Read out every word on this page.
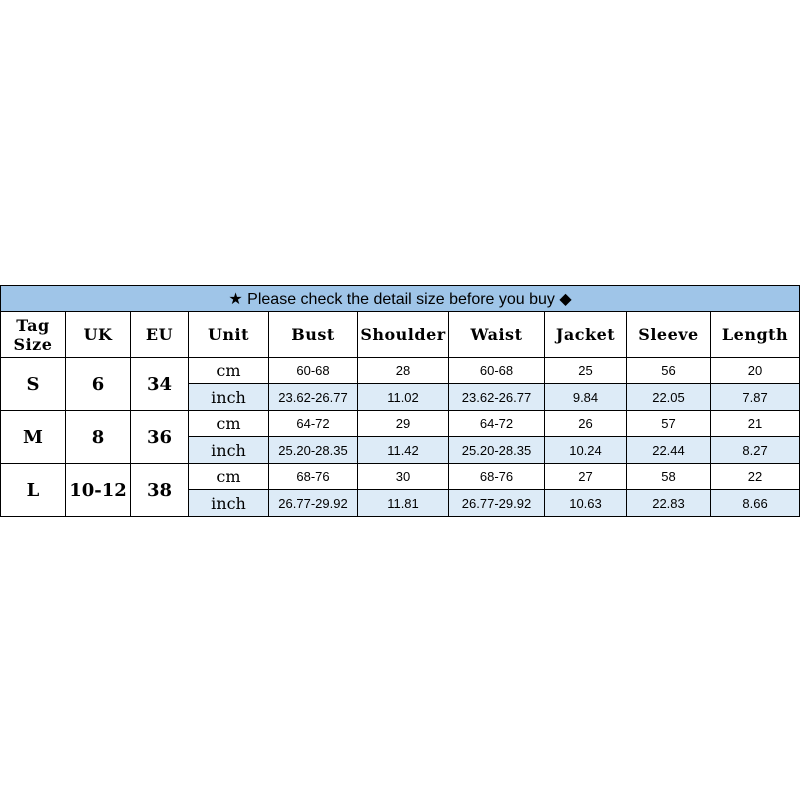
★ Please check the detail size before you buy ◆									
Tag
Size	UK	EU	Unit	Bust	Shoulder	Waist	Jacket	Sleeve	Length
S	6	34	cm	60-68	28	60-68	25	56	20
			inch	23.62-26.77	11.02	23.62-26.77	9.84	22.05	7.87
M	8	36	cm	64-72	29	64-72	26	57	21
			inch	25.20-28.35	11.42	25.20-28.35	10.24	22.44	8.27
L	10-12	38	cm	68-76	30	68-76	27	58	22
			inch	26.77-29.92	11.81	26.77-29.92	10.63	22.83	8.66
